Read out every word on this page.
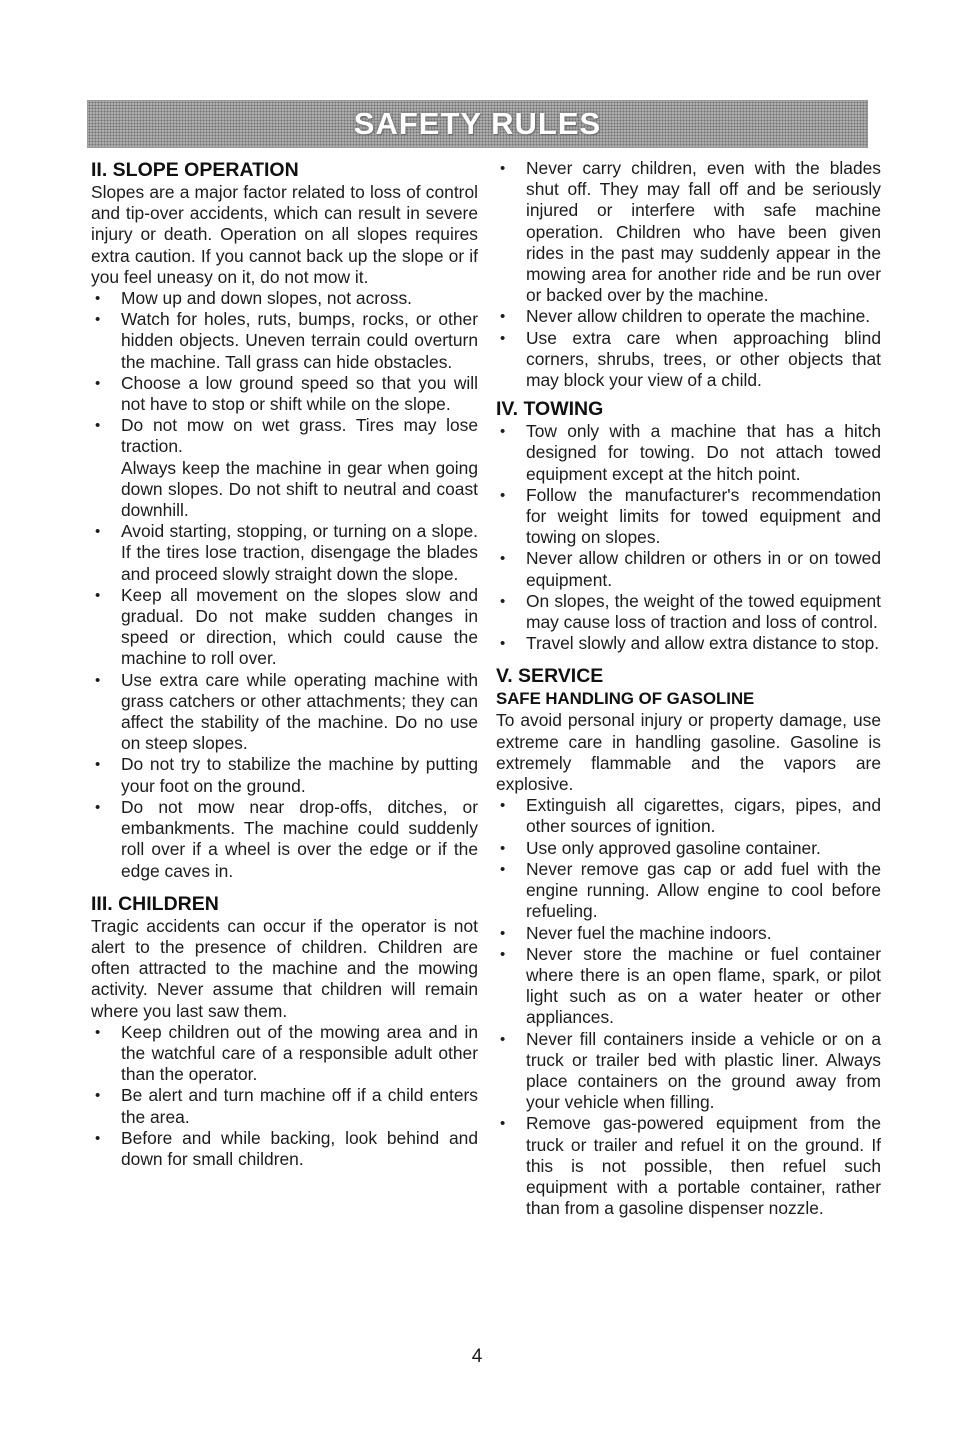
SAFETY RULES
II. SLOPE OPERATION

Slopes are a major factor related to loss of control and tip-over accidents, which can result in severe injury or death. Operation on all slopes requires extra caution. If you cannot back up the slope or if you feel uneasy on it, do not mow it.

• Mow up and down slopes, not across.
• Watch for holes, ruts, bumps, rocks, or other hidden objects. Uneven terrain could overturn the machine. Tall grass can hide obstacles.
• Choose a low ground speed so that you will not have to stop or shift while on the slope.
• Do not mow on wet grass. Tires may lose traction.
Always keep the machine in gear when going down slopes. Do not shift to neutral and coast downhill.
• Avoid starting, stopping, or turning on a slope. If the tires lose traction, disengage the blades and proceed slowly straight down the slope.
• Keep all movement on the slopes slow and gradual. Do not make sudden changes in speed or direction, which could cause the machine to roll over.
• Use extra care while operating machine with grass catchers or other attachments; they can affect the stability of the machine. Do no use on steep slopes.
• Do not try to stabilize the machine by putting your foot on the ground.
• Do not mow near drop-offs, ditches, or embankments. The machine could suddenly roll over if a wheel is over the edge or if the edge caves in.
III. CHILDREN

Tragic accidents can occur if the operator is not alert to the presence of children. Children are often attracted to the machine and the mowing activity. Never assume that children will remain where you last saw them.

• Keep children out of the mowing area and in the watchful care of a responsible adult other than the operator.
• Be alert and turn machine off if a child enters the area.
• Before and while backing, look behind and down for small children.
• Never carry children, even with the blades shut off. They may fall off and be seriously injured or interfere with safe machine operation. Children who have been given rides in the past may suddenly appear in the mowing area for another ride and be run over or backed over by the machine.
• Never allow children to operate the machine.
• Use extra care when approaching blind corners, shrubs, trees, or other objects that may block your view of a child.
IV. TOWING
• Tow only with a machine that has a hitch designed for towing. Do not attach towed equipment except at the hitch point.
• Follow the manufacturer's recommendation for weight limits for towed equipment and towing on slopes.
• Never allow children or others in or on towed equipment.
• On slopes, the weight of the towed equipment may cause loss of traction and loss of control.
• Travel slowly and allow extra distance to stop.
V. SERVICE
SAFE HANDLING OF GASOLINE

To avoid personal injury or property damage, use extreme care in handling gasoline. Gasoline is extremely flammable and the vapors are explosive.

• Extinguish all cigarettes, cigars, pipes, and other sources of ignition.
• Use only approved gasoline container.
• Never remove gas cap or add fuel with the engine running. Allow engine to cool before refueling.
• Never fuel the machine indoors.
• Never store the machine or fuel container where there is an open flame, spark, or pilot light such as on a water heater or other appliances.
• Never fill containers inside a vehicle or on a truck or trailer bed with plastic liner. Always place containers on the ground away from your vehicle when filling.
• Remove gas-powered equipment from the truck or trailer and refuel it on the ground. If this is not possible, then refuel such equipment with a portable container, rather than from a gasoline dispenser nozzle.
4
